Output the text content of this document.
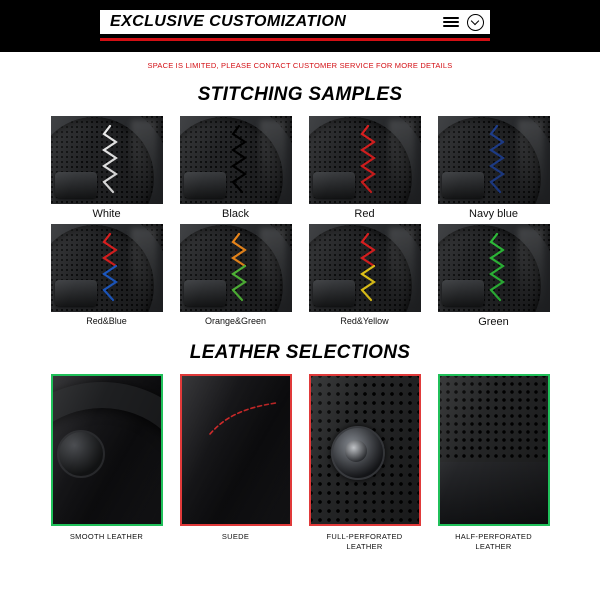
EXCLUSIVE CUSTOMIZATION
SPACE IS LIMITED, PLEASE CONTACT CUSTOMER SERVICE FOR MORE DETAILS
STITCHING SAMPLES
White	Black	Red	Navy blue
Red&Blue	Orange&Green	Red&Yellow	Green
LEATHER SELECTIONS
SMOOTH LEATHER	SUEDE	FULL-PERFORATED LEATHER
HALF-PERFORATED LEATHER
